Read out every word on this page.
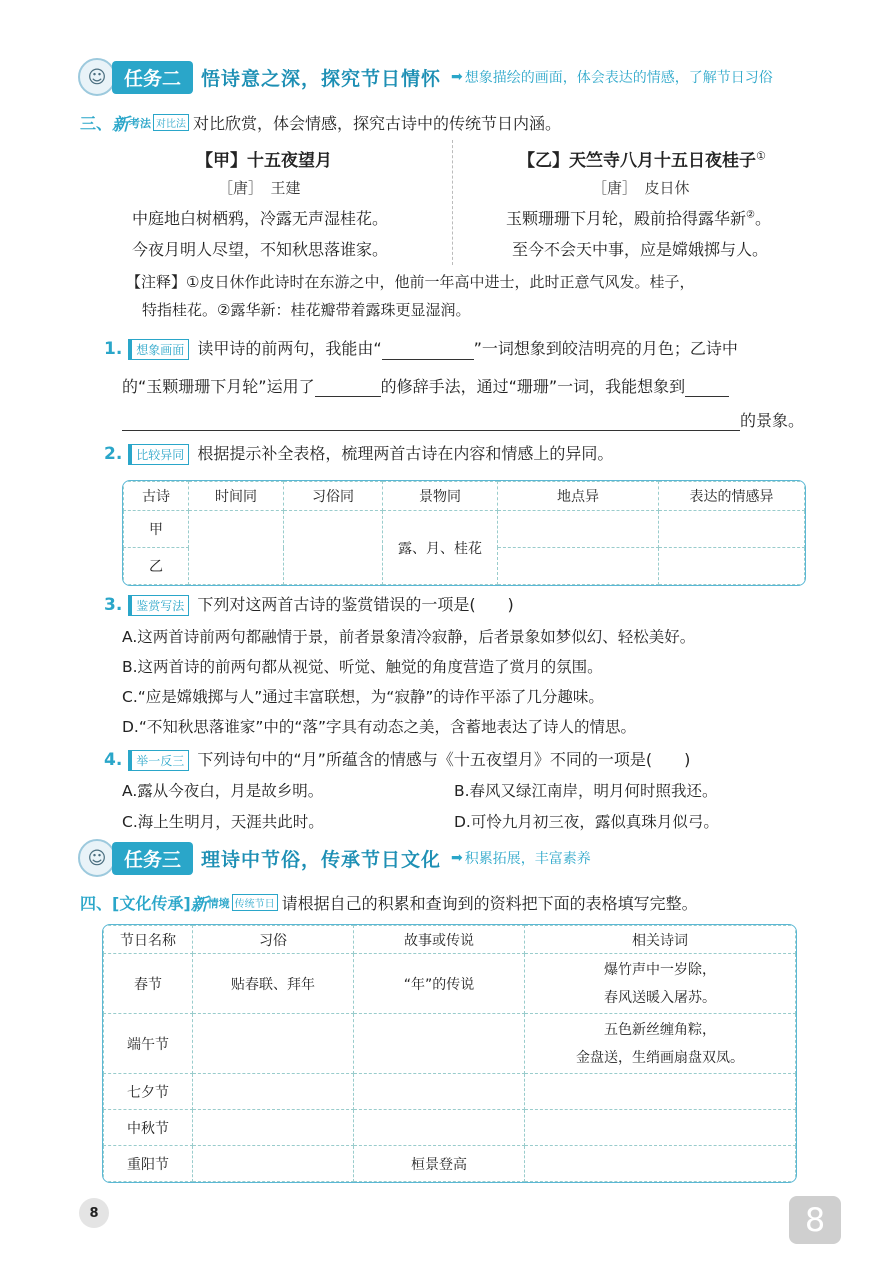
☺ 任务二	悟诗意之深，探究节日情怀 ➡ 想象描绘的画面，体会表达的情感，了解节日习俗
三、 新 考法 对比法 对比欣赏，体会情感，探究古诗中的传统节日内涵。
【甲】十五夜望月
［唐］　王建
中庭地白树栖鸦，冷露无声湿桂花。
今夜月明人尽望，不知秋思落谁家。
【乙】天竺寺八月十五日夜桂子①
［唐］　皮日休
玉颗珊珊下月轮，殿前拾得露华新②。
至今不会天中事，应是嫦娥掷与人。
【注释】①皮日休作此诗时在东游之中，他前一年高中进士，此时正意气风发。桂子，
特指桂花。②露华新：桂花瓣带着露珠更显湿润。
1. 想象画面 读甲诗的前两句，我能由“	”一词想象到皎洁明亮的月色；乙诗中
的“玉颗珊珊下月轮”运用了	的修辞手法，通过“珊珊”一词，我能想象到
的景象。
2. 比较异同 根据提示补全表格，梳理两首古诗在内容和情感上的异同。
古诗	时间同	习俗同	景物同	地点异	表达的情感异
甲			露、月、桂花		
乙					
3. 鉴赏写法 下列对这两首古诗的鉴赏错误的一项是(　　)
A.这两首诗前两句都融情于景，前者景象清冷寂静，后者景象如梦似幻、轻松美好。
B.这两首诗的前两句都从视觉、听觉、触觉的角度营造了赏月的氛围。
C.“应是嫦娥掷与人”通过丰富联想，为“寂静”的诗作平添了几分趣味。
D.“不知秋思落谁家”中的“落”字具有动态之美，含蓄地表达了诗人的情思。
4. 举一反三 下列诗句中的“月”所蕴含的情感与《十五夜望月》不同的一项是(　　)
A.露从今夜白，月是故乡明。	B.春风又绿江南岸，明月何时照我还。
C.海上生明月，天涯共此时。	D.可怜九月初三夜，露似真珠月似弓。
☺ 任务三	理诗中节俗，传承节日文化 ➡ 积累拓展，丰富素养
四、 [文化传承] 新 情境 传统节日 请根据自己的积累和查询到的资料把下面的表格填写完整。
节日名称	习俗	故事或传说	相关诗词
春节	贴春联、拜年	“年”的传说	爆竹声中一岁除，
春风送暖入屠苏。

端午节			五色新丝缠角粽，
金盘送，生绡画扇盘双凤。

七夕节			
中秋节			
重阳节		桓景登高	
8	8
